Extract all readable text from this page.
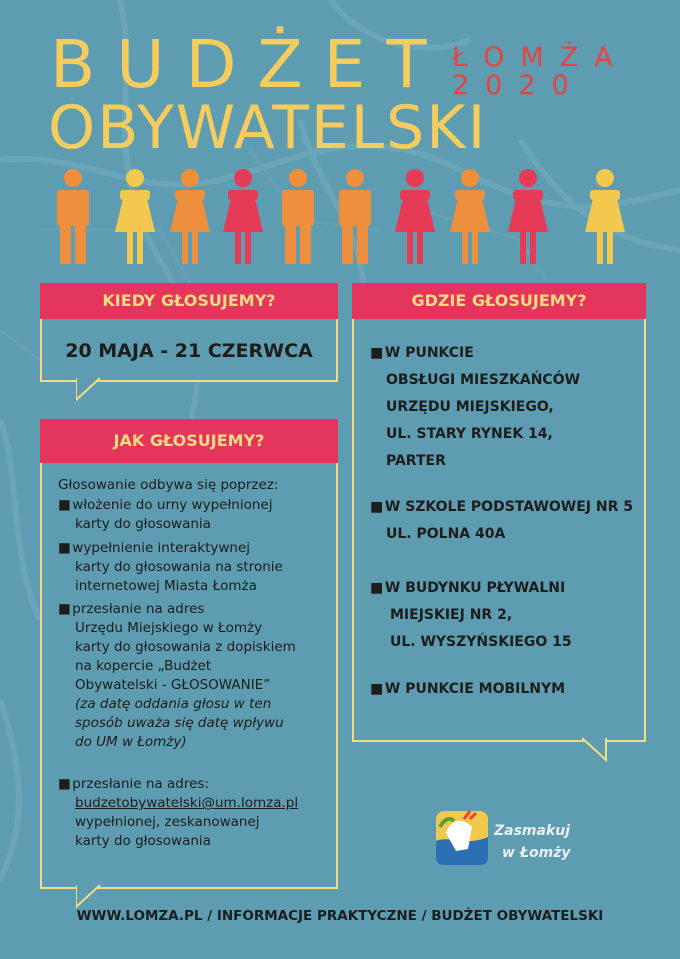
BUDŻET
OBYWATELSKI
ŁOMŻA
2020
KIEDY GŁOSUJEMY?
20 MAJA - 21 CZERWCA
JAK GŁOSUJEMY?
Głosowanie odbywa się poprzez:
■ włożenie do urny wypełnionej
karty do głosowania
■ wypełnienie interaktywnej
karty do głosowania na stronie
internetowej Miasta Łomża
■ przesłanie na adres
Urzędu Miejskiego w Łomży
karty do głosowania z dopiskiem
na kopercie „Budżet
Obywatelski - GŁOSOWANIE”
(za datę oddania głosu w ten
sposób uważa się datę wpływu
do UM w Łomży)
■ przesłanie na adres:
budzetobywatelski@um.lomza.pl
wypełnionej, zeskanowanej
karty do głosowania
GDZIE GŁOSUJEMY?
■ W PUNKCIE
OBSŁUGI MIESZKAŃCÓW
URZĘDU MIEJSKIEGO,
UL. STARY RYNEK 14,
PARTER
■ W SZKOLE PODSTAWOWEJ NR 5
UL. POLNA 40A
■ W BUDYNKU PŁYWALNI
MIEJSKIEJ NR 2,
UL. WYSZYŃSKIEGO 15
■ W PUNKCIE MOBILNYM
Zasmakuj
w Łomży
WWW.LOMZA.PL / INFORMACJE PRAKTYCZNE / BUDŻET OBYWATELSKI
